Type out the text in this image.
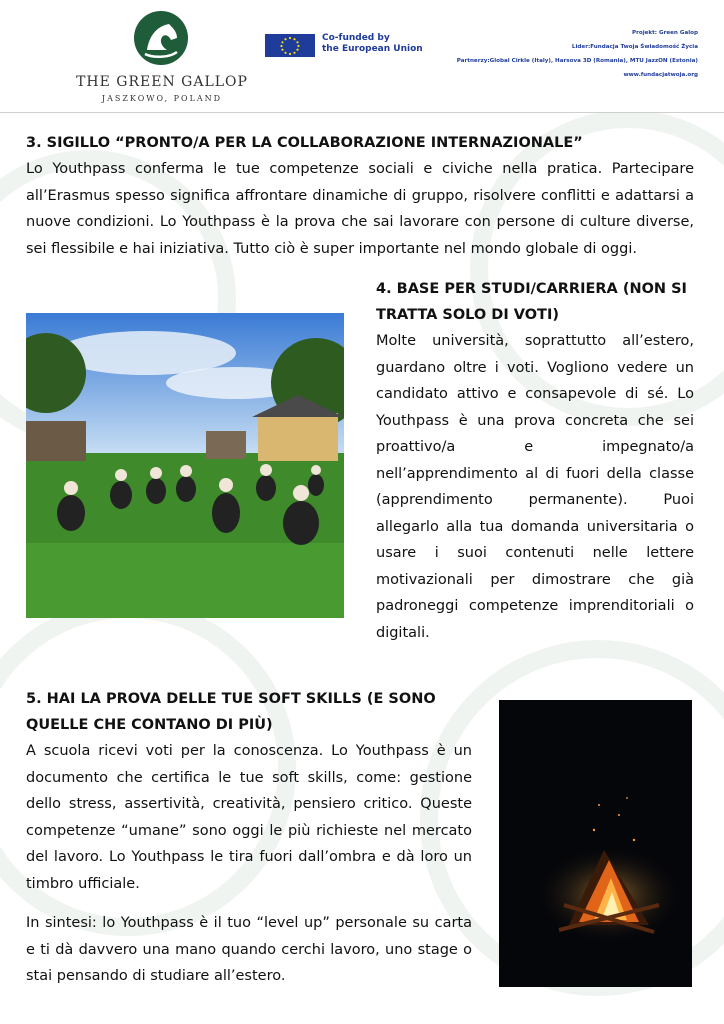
THE GREEN GALLOP
JASZKOWO, POLAND
Co-funded by
the European Union
Projekt: Green Galop
Lider:Fundacja Twoja Świadomość Życia
Partnerzy:Global Cirkle (Italy), Harsova 3D (Romania), MTU JazzON (Estonia)
www.fundacjatwoja.org
3. SIGILLO “PRONTO/A PER LA COLLABORAZIONE INTERNAZIONALE”

Lo Youthpass conferma le tue competenze sociali e civiche nella pratica. Partecipare all’Erasmus spesso significa affrontare dinamiche di gruppo, risolvere conflitti e adattarsi a nuove condizioni. Lo Youthpass è la prova che sai lavorare con persone di culture diverse, sei flessibile e hai iniziativa. Tutto ciò è super importante nel mondo globale di oggi.

4. BASE PER STUDI/CARRIERA (NON SI TRATTA SOLO DI VOTI)

Molte università, soprattutto all’estero, guardano oltre i voti. Vogliono vedere un candidato attivo e consapevole di sé. Lo Youthpass è una prova concreta che sei proattivo/a e impegnato/a nell’apprendimento al di fuori della classe (apprendimento permanente). Puoi allegarlo alla tua domanda universitaria o usare i suoi contenuti nelle lettere motivazionali per dimostrare che già padroneggi competenze imprenditoriali o digitali.

5. HAI LA PROVA DELLE TUE SOFT SKILLS (E SONO QUELLE CHE CONTANO DI PIÙ)

A scuola ricevi voti per la conoscenza. Lo Youthpass è un documento che certifica le tue soft skills, come: gestione dello stress, assertività, creatività, pensiero critico. Queste competenze “umane” sono oggi le più richieste nel mercato del lavoro. Lo Youthpass le tira fuori dall’ombra e dà loro un timbro ufficiale.

In sintesi: lo Youthpass è il tuo “level up” personale su carta e ti dà davvero una mano quando cerchi lavoro, uno stage o stai pensando di studiare all’estero.
